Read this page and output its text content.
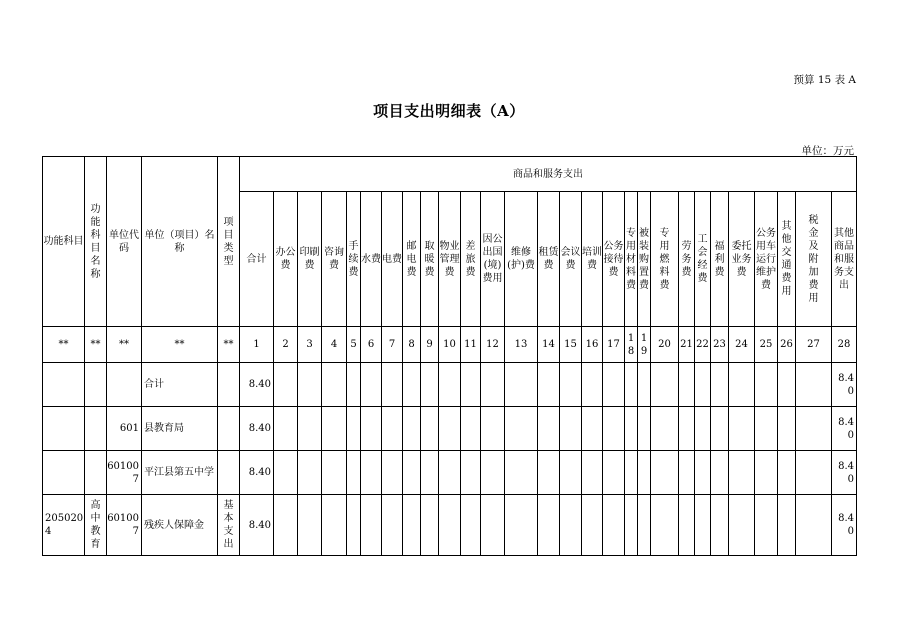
预算 15 表 A
项目支出明细表（A）
单位：万元
功能科目	功能科目名称	单位代码	单位（项目）名称	项目类型	商品和服务支出																											
					合计	办公费	印刷费	咨询费	手续费	水费	电费	邮电费	取暖费	物业管理费	差旅费	因公出国(境)费用	维修(护)费	租赁费	会议费	培训费	公务接待费	专用材料费	被装购置费	专用燃料费	劳务费	工会经费	福利费	委托业务费	公务用车运行维护费	其他交通费用	税金及附加费用	其他商品和服务支出
**	**	**	**	**	1	2	3	4	5	6	7	8	9	10	11	12	13	14	15	16	17	18	19	20	21	22	23	24	25	26	27	28
			合计		8.40																											8.40
		601	县教育局		8.40																											8.40
		601007	平江县第五中学		8.40																											8.40
2050204	高中教育	601007	残疾人保障金	基本支出	8.40																											8.40
